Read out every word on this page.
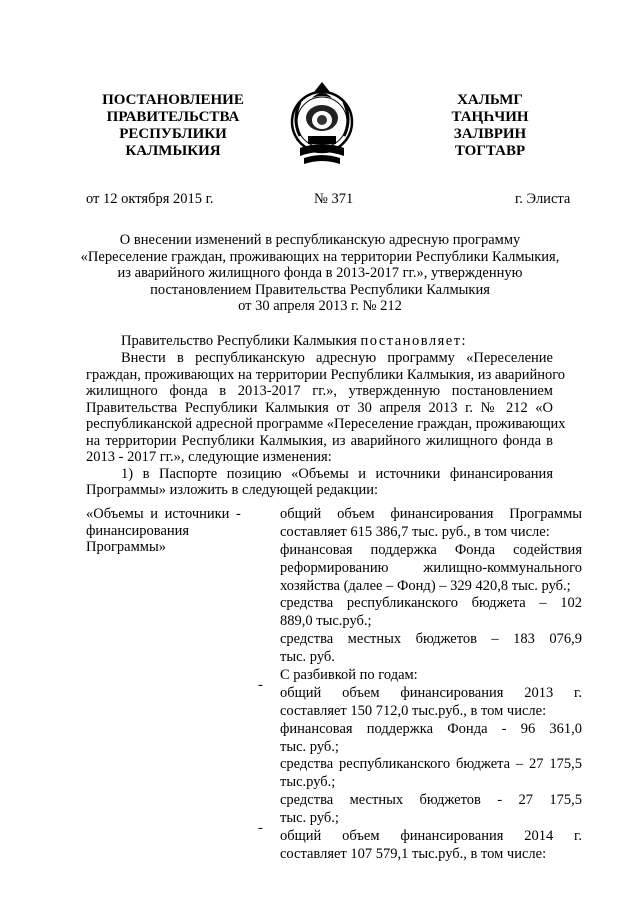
ПОСТАНОВЛЕНИЕ
ПРАВИТЕЛЬСТВА
РЕСПУБЛИКИ
КАЛМЫКИЯ
ХАЛЬМГ
ТАҢҺЧИН
ЗАЛВРИН
ТОГТАВР
от 12 октября 2015 г.	№ 371	г. Элиста
О внесении изменений в республиканскую адресную программу
«Переселение граждан, проживающих на территории Республики Калмыкия,
из аварийного жилищного фонда в 2013-2017 гг.», утвержденную
постановлением Правительства Республики Калмыкия
от 30 апреля 2013 г. № 212
Правительство Республики Калмыкия постановляет:
Внести в республиканскую адресную программу «Переселение
граждан, проживающих на территории Республики Калмыкия, из аварийного
жилищного фонда в 2013-2017 гг.», утвержденную постановлением
Правительства Республики Калмыкия от 30 апреля 2013 г. № 212 «О
республиканской адресной программе «Переселение граждан, проживающих
на территории Республики Калмыкия, из аварийного жилищного фонда в
2013 - 2017 гг.», следующие изменения:
1) в Паспорте позицию «Объемы и источники финансирования
Программы» изложить в следующей редакции:
«Объемы и источники -
финансирования
Программы»
-
-
общий объем финансирования Программы
составляет 615 386,7 тыс. руб., в том числе:
финансовая поддержка Фонда содействия
реформированию жилищно-коммунального
хозяйства (далее – Фонд) – 329 420,8 тыс. руб.;
средства республиканского бюджета – 102
889,0 тыс.руб.;
средства местных бюджетов – 183 076,9
тыс. руб.
С разбивкой по годам:
общий объем финансирования 2013 г.
составляет 150 712,0 тыс.руб., в том числе:
финансовая поддержка Фонда - 96 361,0
тыс. руб.;
средства республиканского бюджета – 27 175,5
тыс.руб.;
средства местных бюджетов - 27 175,5
тыс. руб.;
общий объем финансирования 2014 г.
составляет 107 579,1 тыс.руб., в том числе:
